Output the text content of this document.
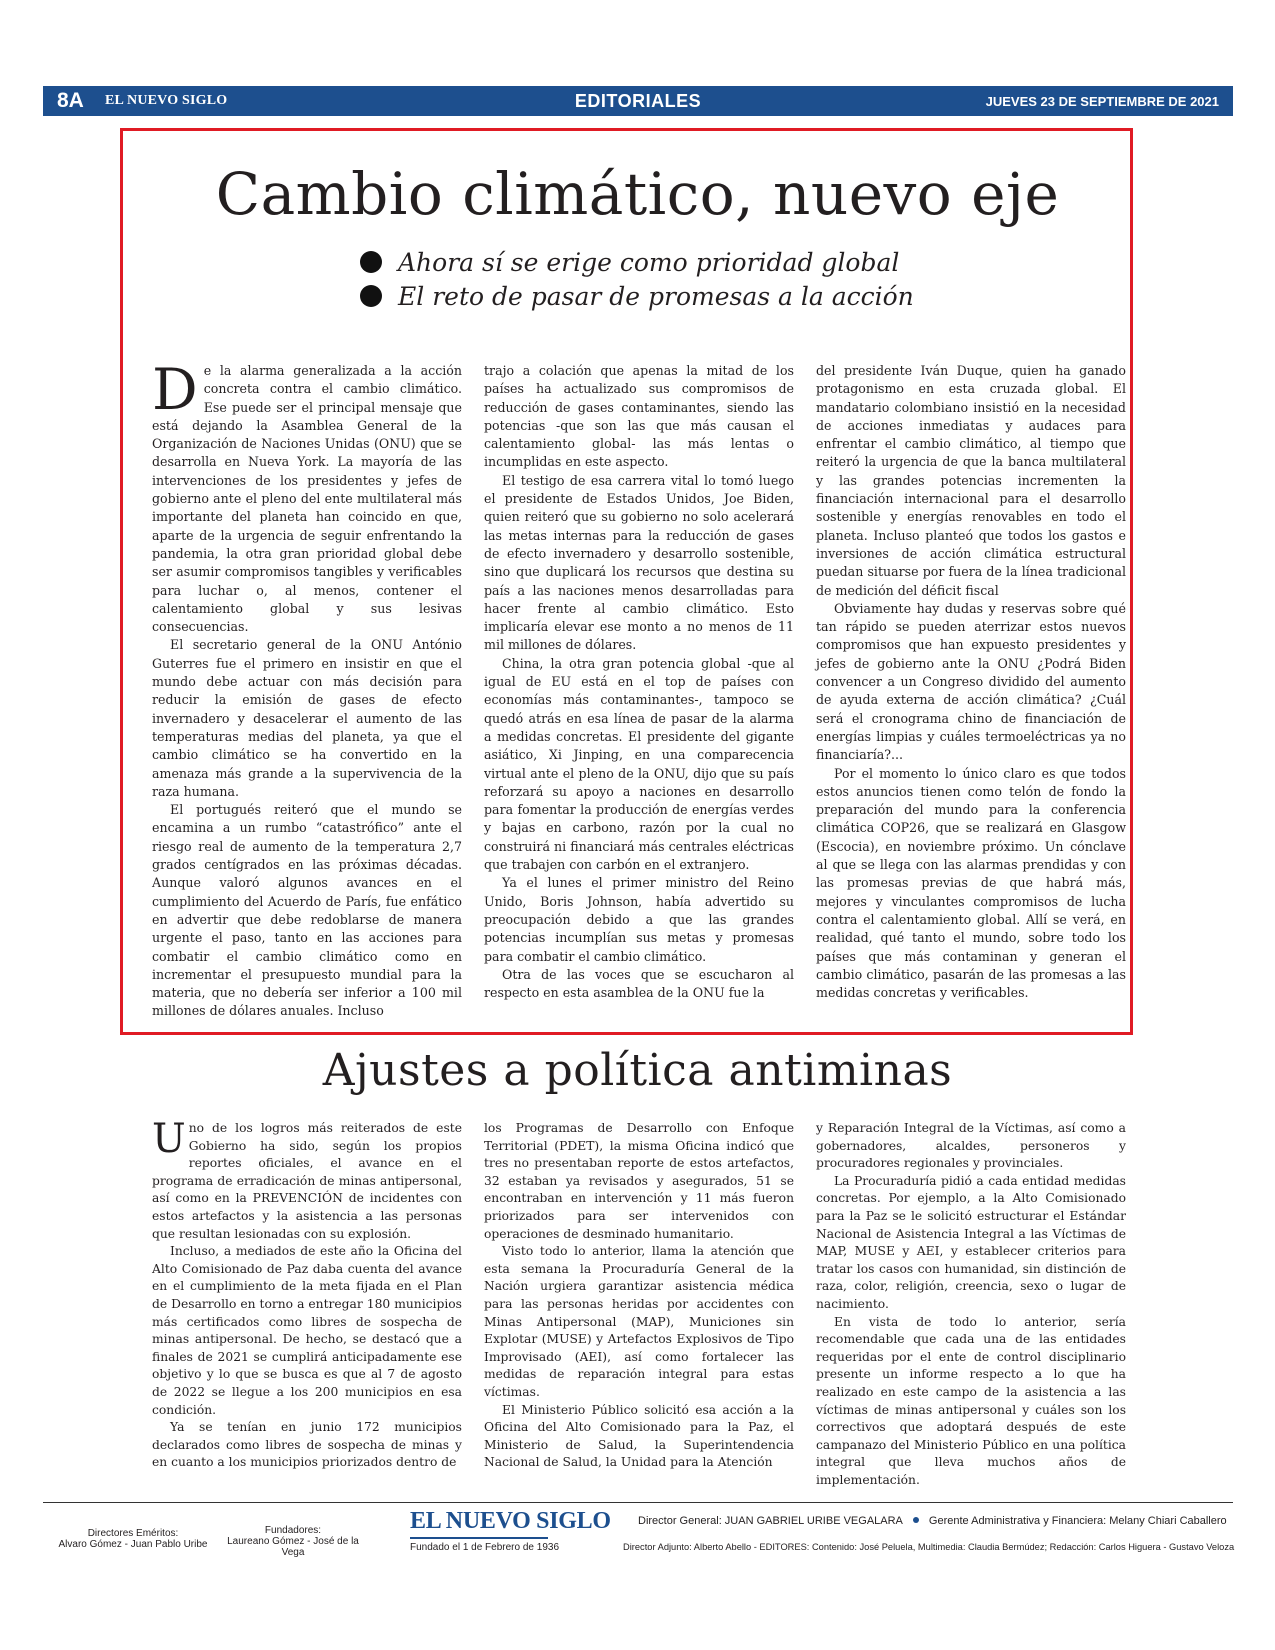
8A	EL NUEVO SIGLO	EDITORIALES	JUEVES 23 DE SEPTIEMBRE DE 2021
Cambio climático, nuevo eje
Ahora sí se erige como prioridad global
El reto de pasar de promesas a la acción

De la alarma generalizada a la acción concreta contra el cambio climático. Ese puede ser el principal mensaje que está dejando la Asamblea General de la Organización de Naciones Unidas (ONU) que se desarrolla en Nueva York. La mayoría de las intervenciones de los presidentes y jefes de gobierno ante el pleno del ente multilateral más importante del planeta han coincido en que, aparte de la urgencia de seguir enfrentando la pandemia, la otra gran prioridad global debe ser asumir compromisos tangibles y verificables para luchar o, al menos, contener el calentamiento global y sus lesivas consecuencias.

El secretario general de la ONU António Guterres fue el primero en insistir en que el mundo debe actuar con más decisión para reducir la emisión de gases de efecto invernadero y desacelerar el aumento de las temperaturas medias del planeta, ya que el cambio climático se ha convertido en la amenaza más grande a la supervivencia de la raza humana.

El portugués reiteró que el mundo se encamina a un rumbo “catastrófico” ante el riesgo real de aumento de la temperatura 2,7 grados centígrados en las próximas décadas. Aunque valoró algunos avances en el cumplimiento del Acuerdo de París, fue enfático en advertir que debe redoblarse de manera urgente el paso, tanto en las acciones para combatir el cambio climático como en incrementar el presupuesto mundial para la materia, que no debería ser inferior a 100 mil millones de dólares anuales. Incluso

trajo a colación que apenas la mitad de los países ha actualizado sus compromisos de reducción de gases contaminantes, siendo las potencias -que son las que más causan el calentamiento global- las más lentas o incumplidas en este aspecto.

El testigo de esa carrera vital lo tomó luego el presidente de Estados Unidos, Joe Biden, quien reiteró que su gobierno no solo acelerará las metas internas para la reducción de gases de efecto invernadero y desarrollo sostenible, sino que duplicará los recursos que destina su país a las naciones menos desarrolladas para hacer frente al cambio climático. Esto implicaría elevar ese monto a no menos de 11 mil millones de dólares.

China, la otra gran potencia global -que al igual de EU está en el top de países con economías más contaminantes-, tampoco se quedó atrás en esa línea de pasar de la alarma a medidas concretas. El presidente del gigante asiático, Xi Jinping, en una comparecencia virtual ante el pleno de la ONU, dijo que su país reforzará su apoyo a naciones en desarrollo para fomentar la producción de energías verdes y bajas en carbono, razón por la cual no construirá ni financiará más centrales eléctricas que trabajen con carbón en el extranjero.

Ya el lunes el primer ministro del Reino Unido, Boris Johnson, había advertido su preocupación debido a que las grandes potencias incumplían sus metas y promesas para combatir el cambio climático.

Otra de las voces que se escucharon al respecto en esta asamblea de la ONU fue la

del presidente Iván Duque, quien ha ganado protagonismo en esta cruzada global. El mandatario colombiano insistió en la necesidad de acciones inmediatas y audaces para enfrentar el cambio climático, al tiempo que reiteró la urgencia de que la banca multilateral y las grandes potencias incrementen la financiación internacional para el desarrollo sostenible y energías renovables en todo el planeta. Incluso planteó que todos los gastos e inversiones de acción climática estructural puedan situarse por fuera de la línea tradicional de medición del déficit fiscal

Obviamente hay dudas y reservas sobre qué tan rápido se pueden aterrizar estos nuevos compromisos que han expuesto presidentes y jefes de gobierno ante la ONU ¿Podrá Biden convencer a un Congreso dividido del aumento de ayuda externa de acción climática? ¿Cuál será el cronograma chino de financiación de energías limpias y cuáles termoeléctricas ya no financiaría?...

Por el momento lo único claro es que todos estos anuncios tienen como telón de fondo la preparación del mundo para la conferencia climática COP26, que se realizará en Glasgow (Escocia), en noviembre próximo. Un cónclave al que se llega con las alarmas prendidas y con las promesas previas de que habrá más, mejores y vinculantes compromisos de lucha contra el calentamiento global. Allí se verá, en realidad, qué tanto el mundo, sobre todo los países que más contaminan y generan el cambio climático, pasarán de las promesas a las medidas concretas y verificables.

Ajustes a política antiminas

Uno de los logros más reiterados de este Gobierno ha sido, según los propios reportes oficiales, el avance en el programa de erradicación de minas antipersonal, así como en la PREVENCIÓN de incidentes con estos artefactos y la asistencia a las personas que resultan lesionadas con su explosión.

Incluso, a mediados de este año la Oficina del Alto Comisionado de Paz daba cuenta del avance en el cumplimiento de la meta fijada en el Plan de Desarrollo en torno a entregar 180 municipios más certificados como libres de sospecha de minas antipersonal. De hecho, se destacó que a finales de 2021 se cumplirá anticipadamente ese objetivo y lo que se busca es que al 7 de agosto de 2022 se llegue a los 200 municipios en esa condición.

Ya se tenían en junio 172 municipios declarados como libres de sospecha de minas y en cuanto a los municipios priorizados dentro de

los Programas de Desarrollo con Enfoque Territorial (PDET), la misma Oficina indicó que tres no presentaban reporte de estos artefactos, 32 estaban ya revisados y asegurados, 51 se encontraban en intervención y 11 más fueron priorizados para ser intervenidos con operaciones de desminado humanitario.

Visto todo lo anterior, llama la atención que esta semana la Procuraduría General de la Nación urgiera garantizar asistencia médica para las personas heridas por accidentes con Minas Antipersonal (MAP), Municiones sin Explotar (MUSE) y Artefactos Explosivos de Tipo Improvisado (AEI), así como fortalecer las medidas de reparación integral para estas víctimas.

El Ministerio Público solicitó esa acción a la Oficina del Alto Comisionado para la Paz, el Ministerio de Salud, la Superintendencia Nacional de Salud, la Unidad para la Atención

y Reparación Integral de la Víctimas, así como a gobernadores, alcaldes, personeros y procuradores regionales y provinciales.

La Procuraduría pidió a cada entidad medidas concretas. Por ejemplo, a la Alto Comisionado para la Paz se le solicitó estructurar el Estándar Nacional de Asistencia Integral a las Víctimas de MAP, MUSE y AEI, y establecer criterios para tratar los casos con humanidad, sin distinción de raza, color, religión, creencia, sexo o lugar de nacimiento.

En vista de todo lo anterior, sería recomendable que cada una de las entidades requeridas por el ente de control disciplinario presente un informe respecto a lo que ha realizado en este campo de la asistencia a las víctimas de minas antipersonal y cuáles son los correctivos que adoptará después de este campanazo del Ministerio Público en una política integral que lleva muchos años de implementación.

Directores Eméritos:
Alvaro Gómez - Juan Pablo Uribe
Fundadores:
Laureano Gómez - José de la Vega
EL NUEVO SIGLO
Fundado el 1 de Febrero de 1936
Director General: JUAN GABRIEL URIBE VEGALARA Gerente Administrativa y Financiera: Melany Chiari Caballero
Director Adjunto: Alberto Abello - EDITORES: Contenido: José Peluela, Multimedia: Claudia Bermúdez; Redacción: Carlos Higuera - Gustavo Veloza
